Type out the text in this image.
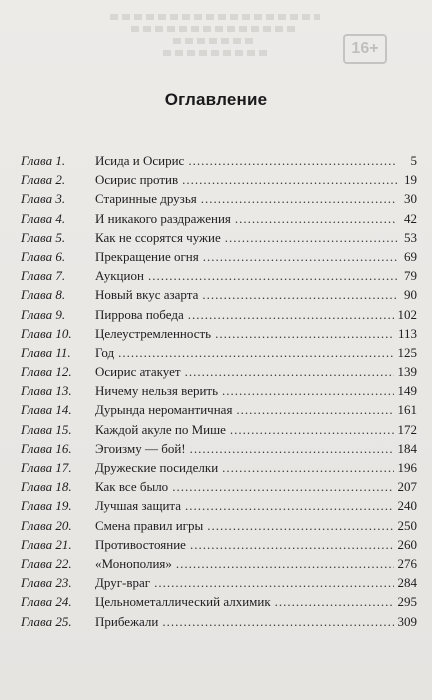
16+
Оглавление
Глава 1.	Исида и Осирис .....	5
Глава 2.	Осирис против .....	19
Глава 3.	Старинные друзья .....	30
Глава 4.	И никакого раздражения .....	42
Глава 5.	Как не ссорятся чужие .....	53
Глава 6.	Прекращение огня .....	69
Глава 7.	Аукцион .....	79
Глава 8.	Новый вкус азарта .....	90
Глава 9.	Пиррова победа .....	102
Глава 10.	Целеустремленность .....	113
Глава 11.	Год .....	125
Глава 12.	Осирис атакует .....	139
Глава 13.	Ничему нельзя верить .....	149
Глава 14.	Дурында неромантичная .....	161
Глава 15.	Каждой акуле по Мише .....	172
Глава 16.	Эгоизму — бой! .....	184
Глава 17.	Дружеские посиделки .....	196
Глава 18.	Как все было .....	207
Глава 19.	Лучшая защита .....	240
Глава 20.	Смена правил игры .....	250
Глава 21.	Противостояние .....	260
Глава 22.	«Монополия» .....	276
Глава 23.	Друг-враг .....	284
Глава 24.	Цельнометаллический алхимик .....	295
Глава 25.	Прибежали .....	309
